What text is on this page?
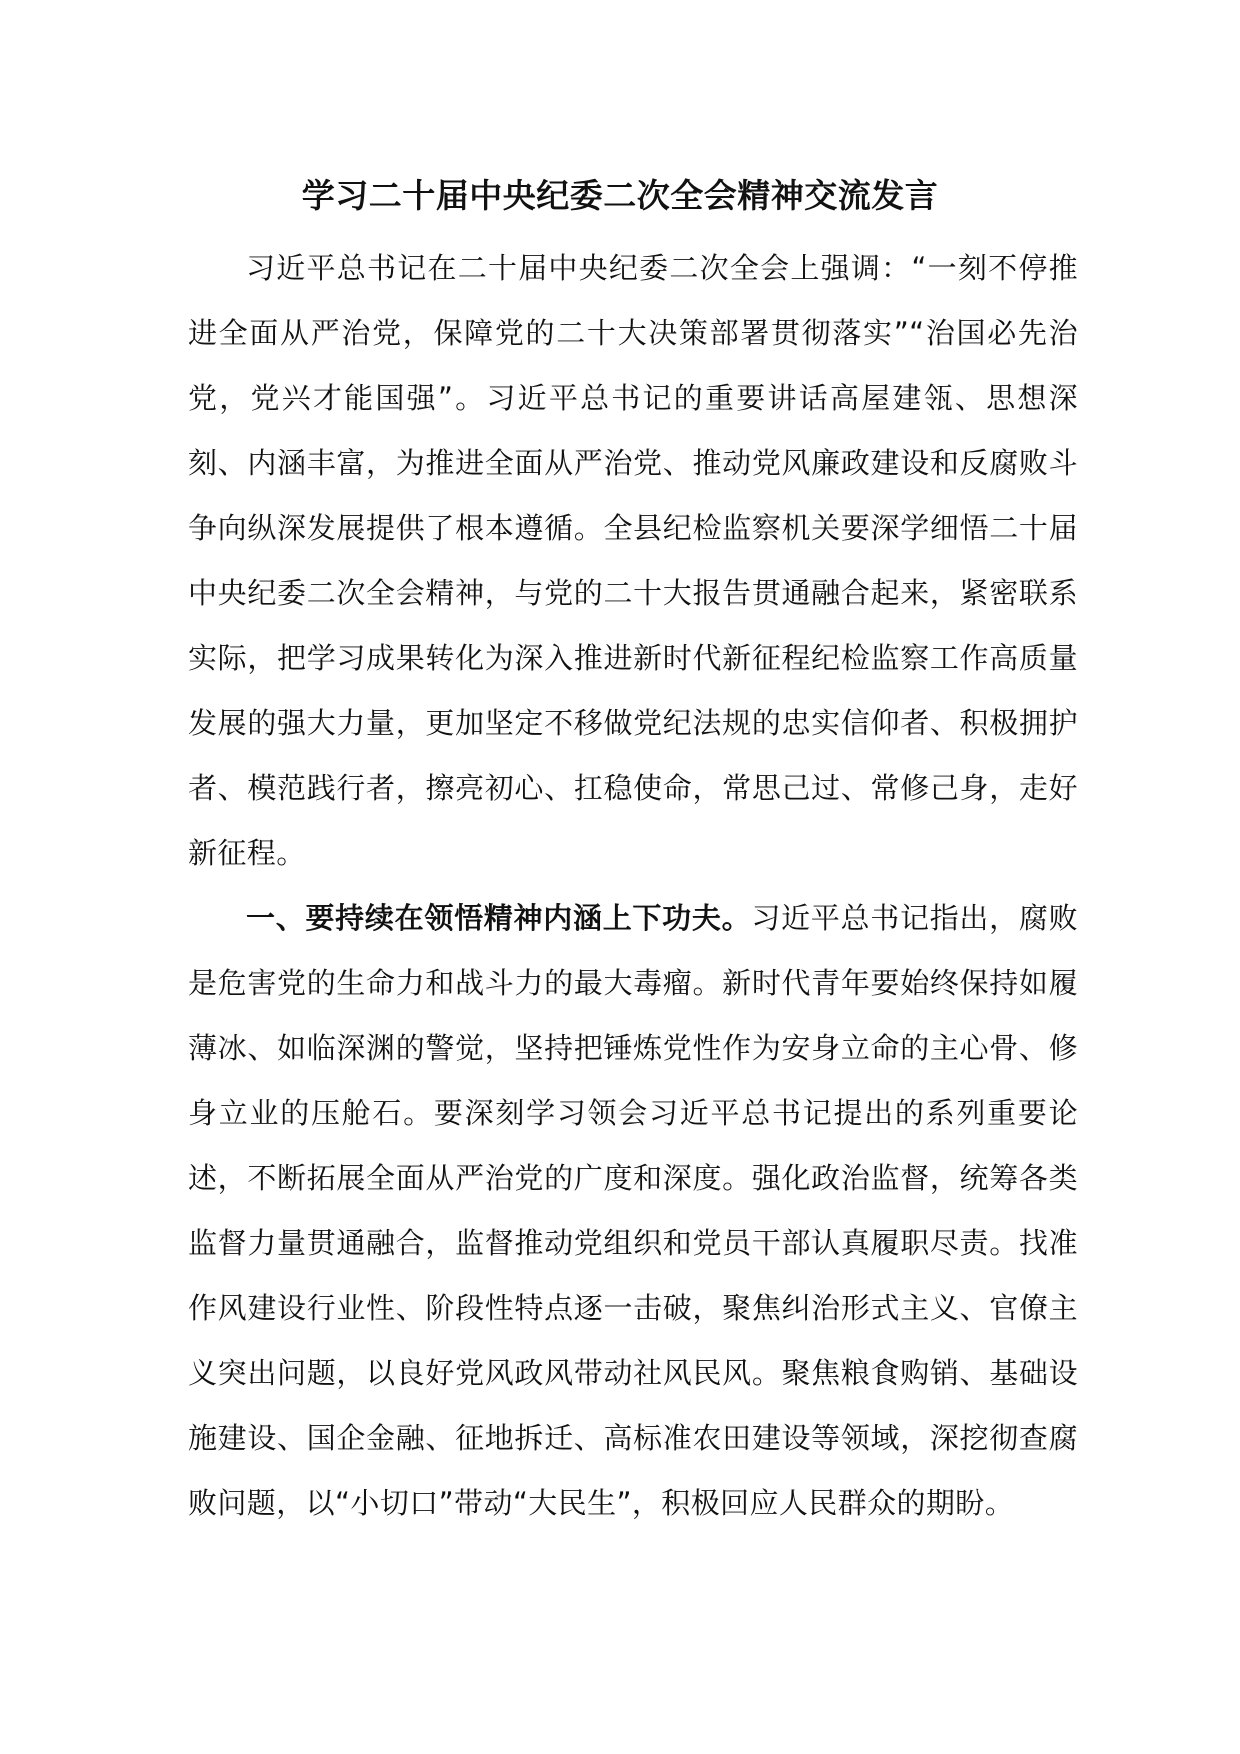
学习二十届中央纪委二次全会精神交流发言

习近平总书记在二十届中央纪委二次全会上强调：“一刻不停推进全面从严治党，保障党的二十大决策部署贯彻落实”“治国必先治党，党兴才能国强”。习近平总书记的重要讲话高屋建瓴、思想深刻、内涵丰富，为推进全面从严治党、推动党风廉政建设和反腐败斗争向纵深发展提供了根本遵循。全县纪检监察机关要深学细悟二十届中央纪委二次全会精神，与党的二十大报告贯通融合起来，紧密联系实际，把学习成果转化为深入推进新时代新征程纪检监察工作高质量发展的强大力量，更加坚定不移做党纪法规的忠实信仰者、积极拥护者、模范践行者，擦亮初心、扛稳使命，常思己过、常修己身，走好新征程。

一、要持续在领悟精神内涵上下功夫。习近平总书记指出，腐败是危害党的生命力和战斗力的最大毒瘤。新时代青年要始终保持如履薄冰、如临深渊的警觉，坚持把锤炼党性作为安身立命的主心骨、修身立业的压舱石。要深刻学习领会习近平总书记提出的系列重要论述，不断拓展全面从严治党的广度和深度。强化政治监督，统筹各类监督力量贯通融合，监督推动党组织和党员干部认真履职尽责。找准作风建设行业性、阶段性特点逐一击破，聚焦纠治形式主义、官僚主义突出问题，以良好党风政风带动社风民风。聚焦粮食购销、基础设施建设、国企金融、征地拆迁、高标准农田建设等领域，深挖彻查腐败问题，以“小切口”带动“大民生”，积极回应人民群众的期盼。
